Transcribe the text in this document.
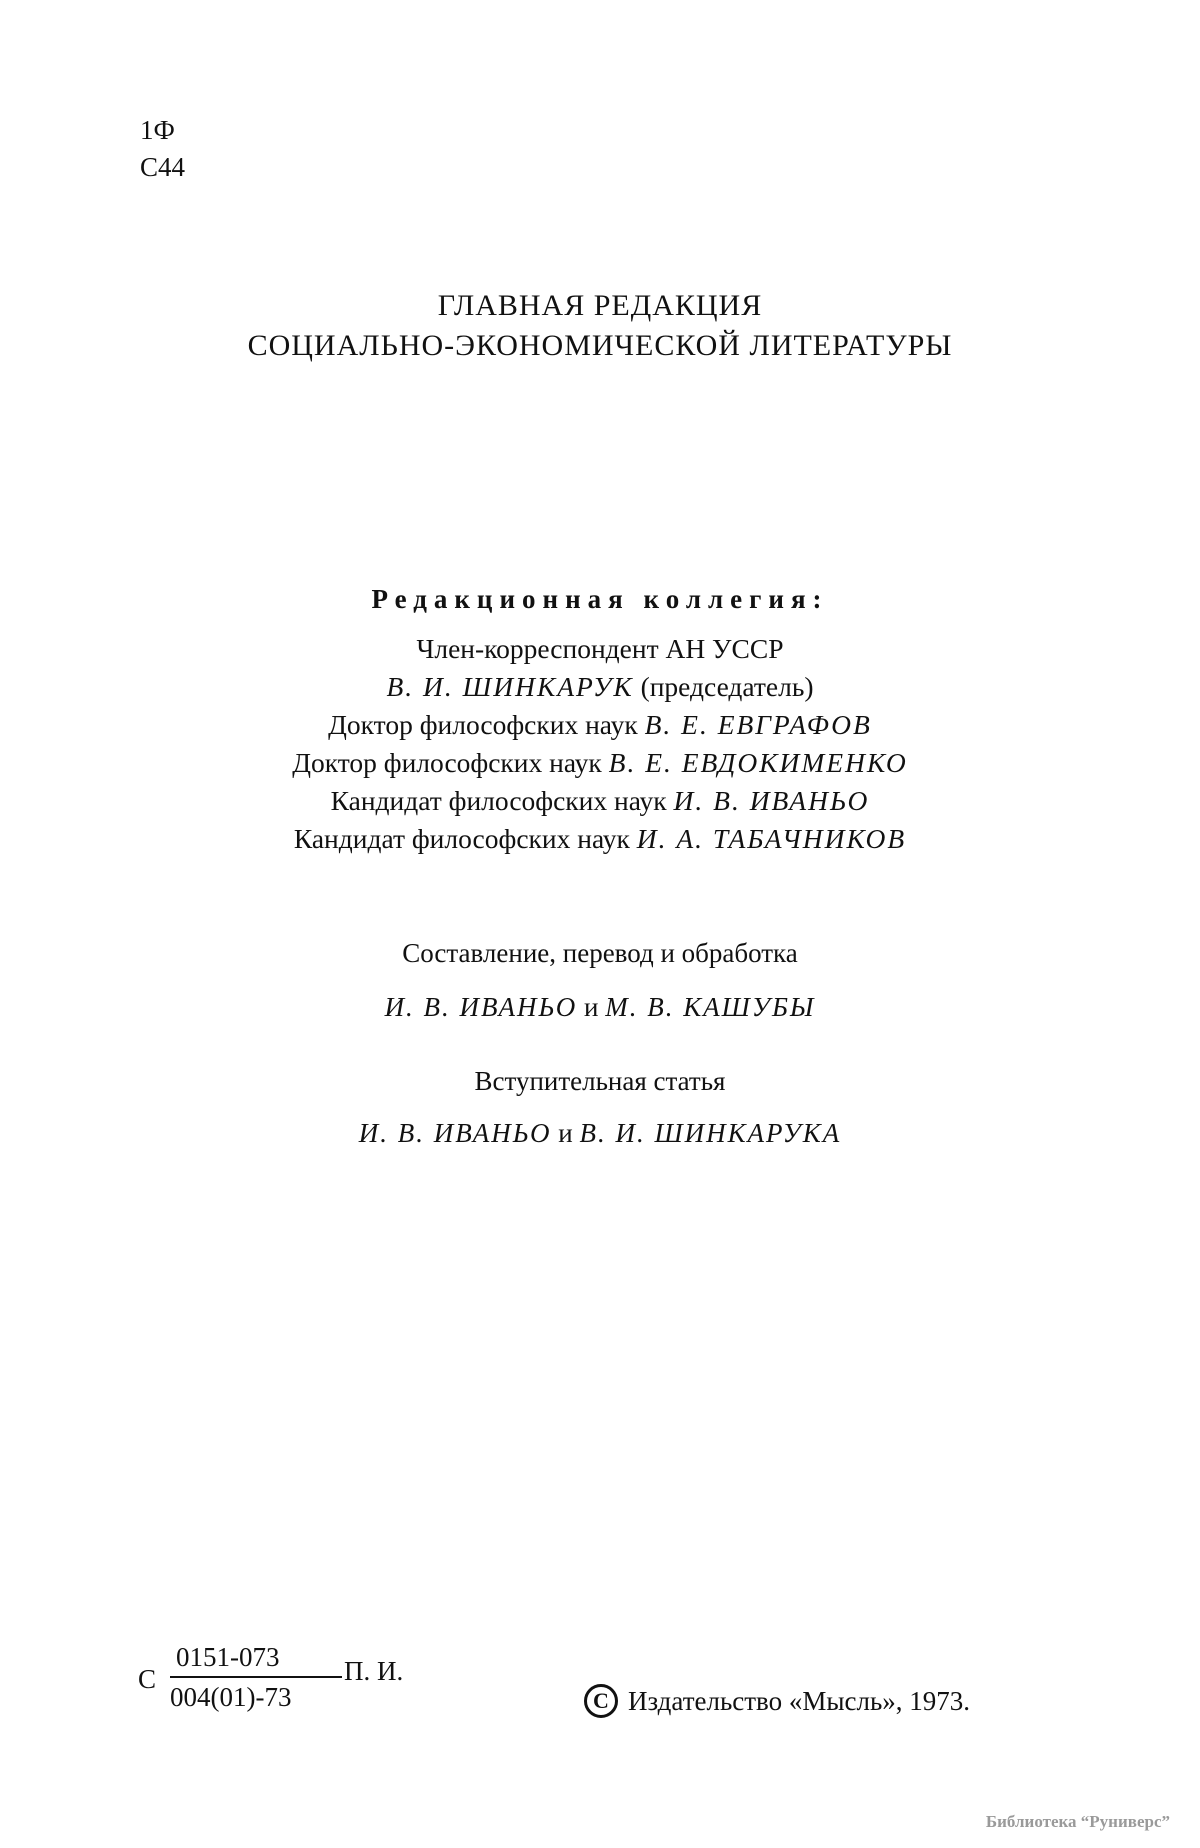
1Ф
С44
ГЛАВНАЯ РЕДАКЦИЯ
СОЦИАЛЬНО-ЭКОНОМИЧЕСКОЙ ЛИТЕРАТУРЫ
Редакционная коллегия:
Член-корреспондент АН УССР
В. И. ШИНКАРУК (председатель)
Доктор философских наук В. Е. ЕВГРАФОВ
Доктор философских наук В. Е. ЕВДОКИМЕНКО
Кандидат философских наук И. В. ИВАНЬО
Кандидат философских наук И. А. ТАБАЧНИКОВ
Составление, перевод и обработка
И. В. ИВАНЬО и М. В. КАШУБЫ
Вступительная статья
И. В. ИВАНЬО и В. И. ШИНКАРУКА
С
0151-073
004(01)-73
П. И.
С Издательство «Мысль», 1973.
Библиотека “Руниверс”
